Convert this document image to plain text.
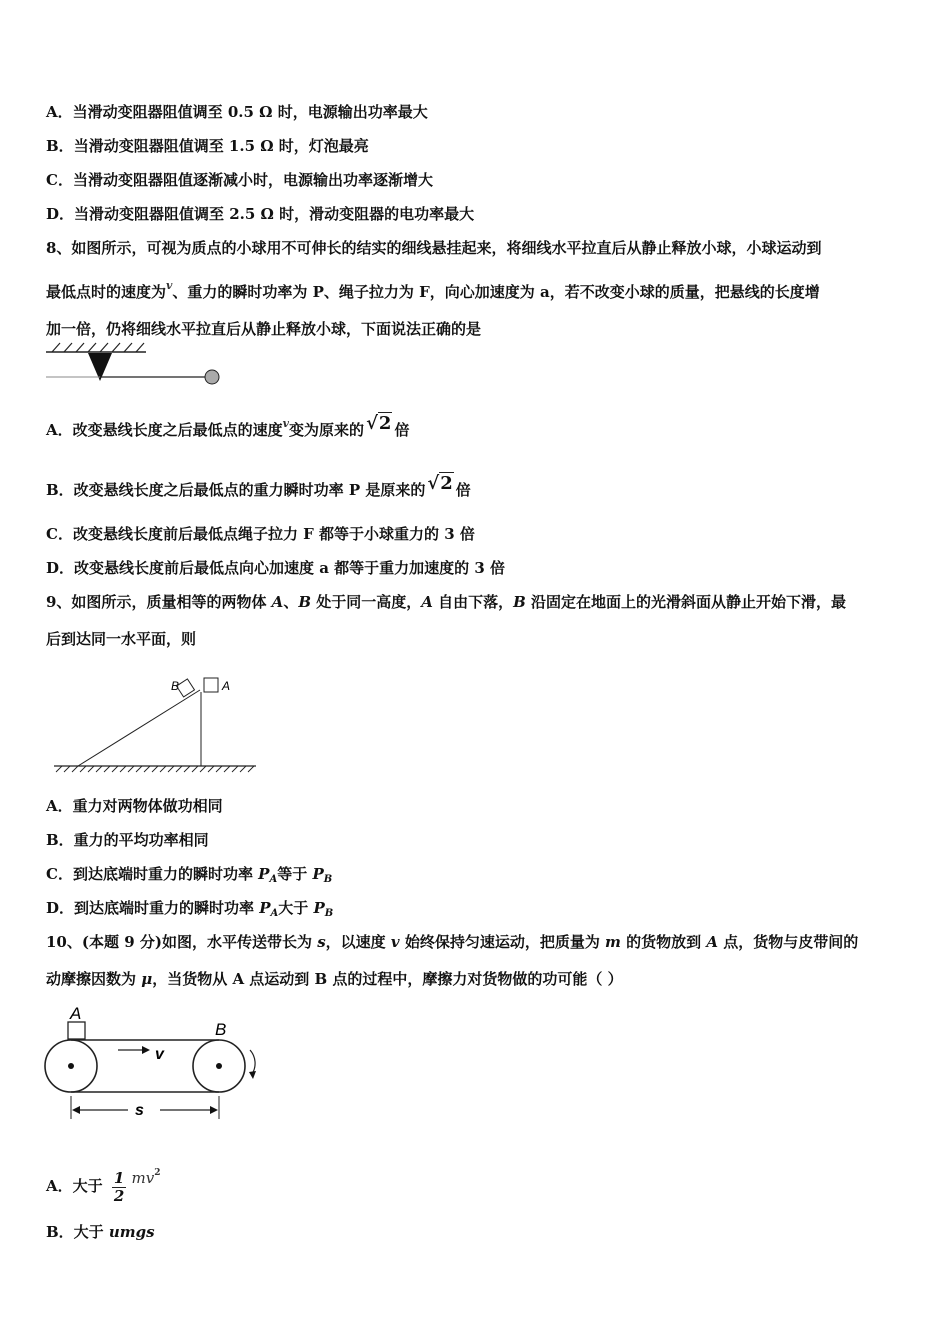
A．当滑动变阻器阻值调至 0.5 Ω 时，电源输出功率最大
B．当滑动变阻器阻值调至 1.5 Ω 时，灯泡最亮
C．当滑动变阻器阻值逐渐减小时，电源输出功率逐渐增大
D．当滑动变阻器阻值调至 2.5 Ω 时，滑动变阻器的电功率最大
8、如图所示，可视为质点的小球用不可伸长的结实的细线悬挂起来，将细线水平拉直后从静止释放小球，小球运动到
最低点时的速度为$^v$、重力的瞬时功率为 P、绳子拉力为 F，向心加速度为 a，若不改变小球的质量，把悬线的长度增
加一倍，仍将细线水平拉直后从静止释放小球，下面说法正确的是
A．改变悬线长度之后最低点的速度$^v$变为原来的 √2 倍
B．改变悬线长度之后最低点的重力瞬时功率 P 是原来的 √2 倍
C．改变悬线长度前后最低点绳子拉力 F 都等于小球重力的 3 倍
D．改变悬线长度前后最低点向心加速度 a 都等于重力加速度的 3 倍
9、如图所示，质量相等的两物体 A、B 处于同一高度，A 自由下落，B 沿固定在地面上的光滑斜面从静止开始下滑，最
后到达同一水平面，则
B	A
A．重力对两物体做功相同
B．重力的平均功率相同
C．到达底端时重力的瞬时功率 $P_A$等于 $P_B$
D．到达底端时重力的瞬时功率 $P_A$大于 $P_B$
10、(本题 9 分)如图，水平传送带长为 s，以速度 v 始终保持匀速运动，把质量为 m 的货物放到 A 点，货物与皮带间的
动摩擦因数为 μ，当货物从 A 点运动到 B 点的过程中，摩擦力对货物做的功可能（ ）
A
B
v
s
A．大于 $\frac{1}{2} mv^2$
B．大于 umgs
